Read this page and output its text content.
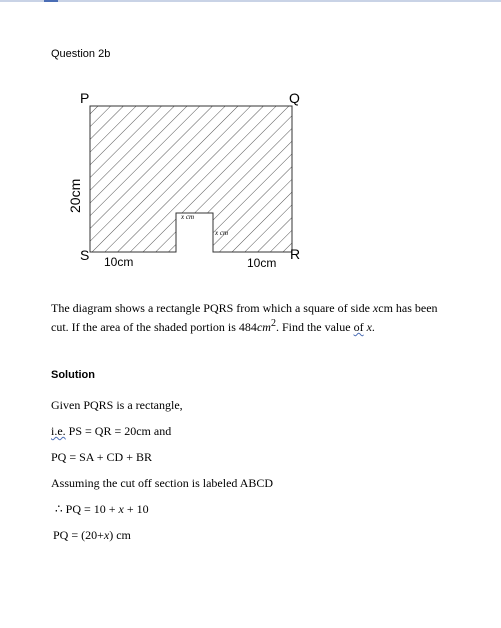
Question 2b
P	Q
S	R
20cm
10cm	10cm
x cm
x cm
The diagram shows a rectangle PQRS from which a square of side xcm has been cut. If the area of the shaded portion is $484cm^2$. Find the value of x.
Solution
Given PQRS is a rectangle,
i.e. PS = QR = 20cm and
PQ = SA + CD + BR
Assuming the cut off section is labeled ABCD
∴ PQ = 10 + x + 10
PQ = (20+x) cm
